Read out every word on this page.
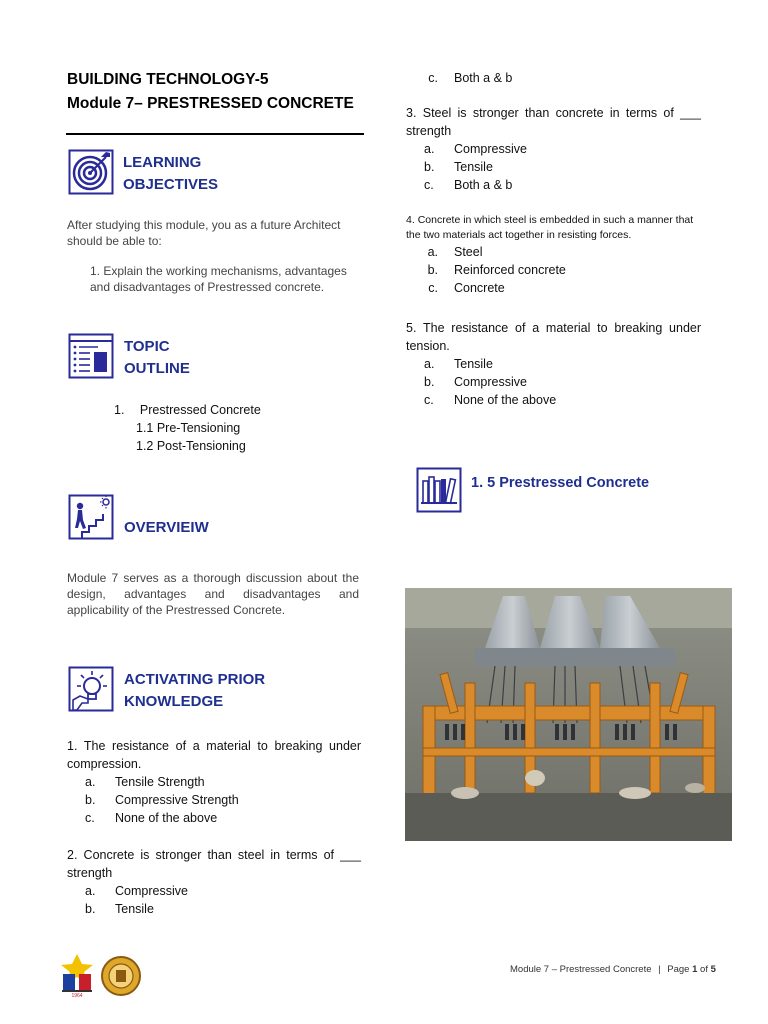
BUILDING TECHNOLOGY-5
Module 7– PRESTRESSED CONCRETE
LEARNING
OBJECTIVES
After studying this module, you as a future Architect should be able to:
1. Explain the working mechanisms, advantages and disadvantages of Prestressed concrete.
TOPIC
OUTLINE
1. Prestressed Concrete
1.1 Pre-Tensioning
1.2 Post-Tensioning
OVERVIEIW
Module 7 serves as a thorough discussion about the design, advantages and disadvantages and applicability of the Prestressed Concrete.
ACTIVATING PRIOR
KNOWLEDGE
1. The resistance of a material to breaking under compression.
a. Tensile Strength
b. Compressive Strength
c.	None of the above
2. Concrete is stronger than steel in terms of ___ strength
a. Compressive
b. Tensile
c. Both a & b
3. Steel is stronger than concrete in terms of ___ strength
a. Compressive
b. Tensile
c.	Both a & b
4. Concrete in which steel is embedded in such a manner that the two materials act together in resisting forces.
a. Steel
b. Reinforced concrete
c. Concrete
5. The resistance of a material to breaking under tension.
a. Tensile
b. Compressive
c.	None of the above
1. 5 Prestressed Concrete
1964
Module 7 – Prestressed Concrete | Page 1 of 5
